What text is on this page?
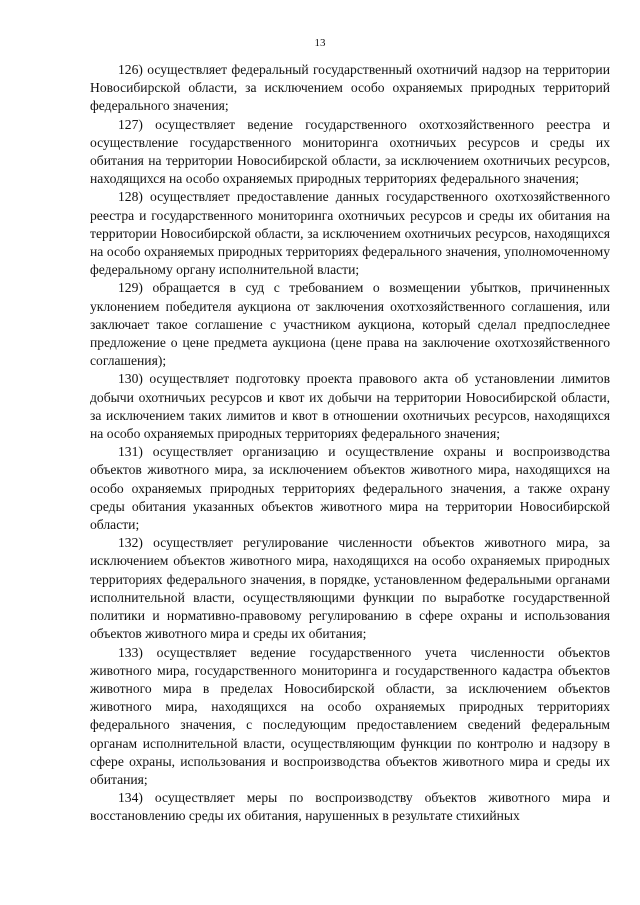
13

126) осуществляет федеральный государственный охотничий надзор на территории Новосибирской области, за исключением особо охраняемых природных территорий федерального значения;

127) осуществляет ведение государственного охотхозяйственного реестра и осуществление государственного мониторинга охотничьих ресурсов и среды их обитания на территории Новосибирской области, за исключением охотничьих ресурсов, находящихся на особо охраняемых природных территориях федерального значения;

128) осуществляет предоставление данных государственного охотхозяйственного реестра и государственного мониторинга охотничьих ресурсов и среды их обитания на территории Новосибирской области, за исключением охотничьих ресурсов, находящихся на особо охраняемых природных территориях федерального значения, уполномоченному федеральному органу исполнительной власти;

129) обращается в суд с требованием о возмещении убытков, причиненных уклонением победителя аукциона от заключения охотхозяйственного соглашения, или заключает такое соглашение с участником аукциона, который сделал предпоследнее предложение о цене предмета аукциона (цене права на заключение охотхозяйственного соглашения);

130) осуществляет подготовку проекта правового акта об установлении лимитов добычи охотничьих ресурсов и квот их добычи на территории Новосибирской области, за исключением таких лимитов и квот в отношении охотничьих ресурсов, находящихся на особо охраняемых природных территориях федерального значения;

131) осуществляет организацию и осуществление охраны и воспроизводства объектов животного мира, за исключением объектов животного мира, находящихся на особо охраняемых природных территориях федерального значения, а также охрану среды обитания указанных объектов животного мира на территории Новосибирской области;

132) осуществляет регулирование численности объектов животного мира, за исключением объектов животного мира, находящихся на особо охраняемых природных территориях федерального значения, в порядке, установленном федеральными органами исполнительной власти, осуществляющими функции по выработке государственной политики и нормативно-правовому регулированию в сфере охраны и использования объектов животного мира и среды их обитания;

133) осуществляет ведение государственного учета численности объектов животного мира, государственного мониторинга и государственного кадастра объектов животного мира в пределах Новосибирской области, за исключением объектов животного мира, находящихся на особо охраняемых природных территориях федерального значения, с последующим предоставлением сведений федеральным органам исполнительной власти, осуществляющим функции по контролю и надзору в сфере охраны, использования и воспроизводства объектов животного мира и среды их обитания;

134) осуществляет меры по воспроизводству объектов животного мира и восстановлению среды их обитания, нарушенных в результате стихийных
